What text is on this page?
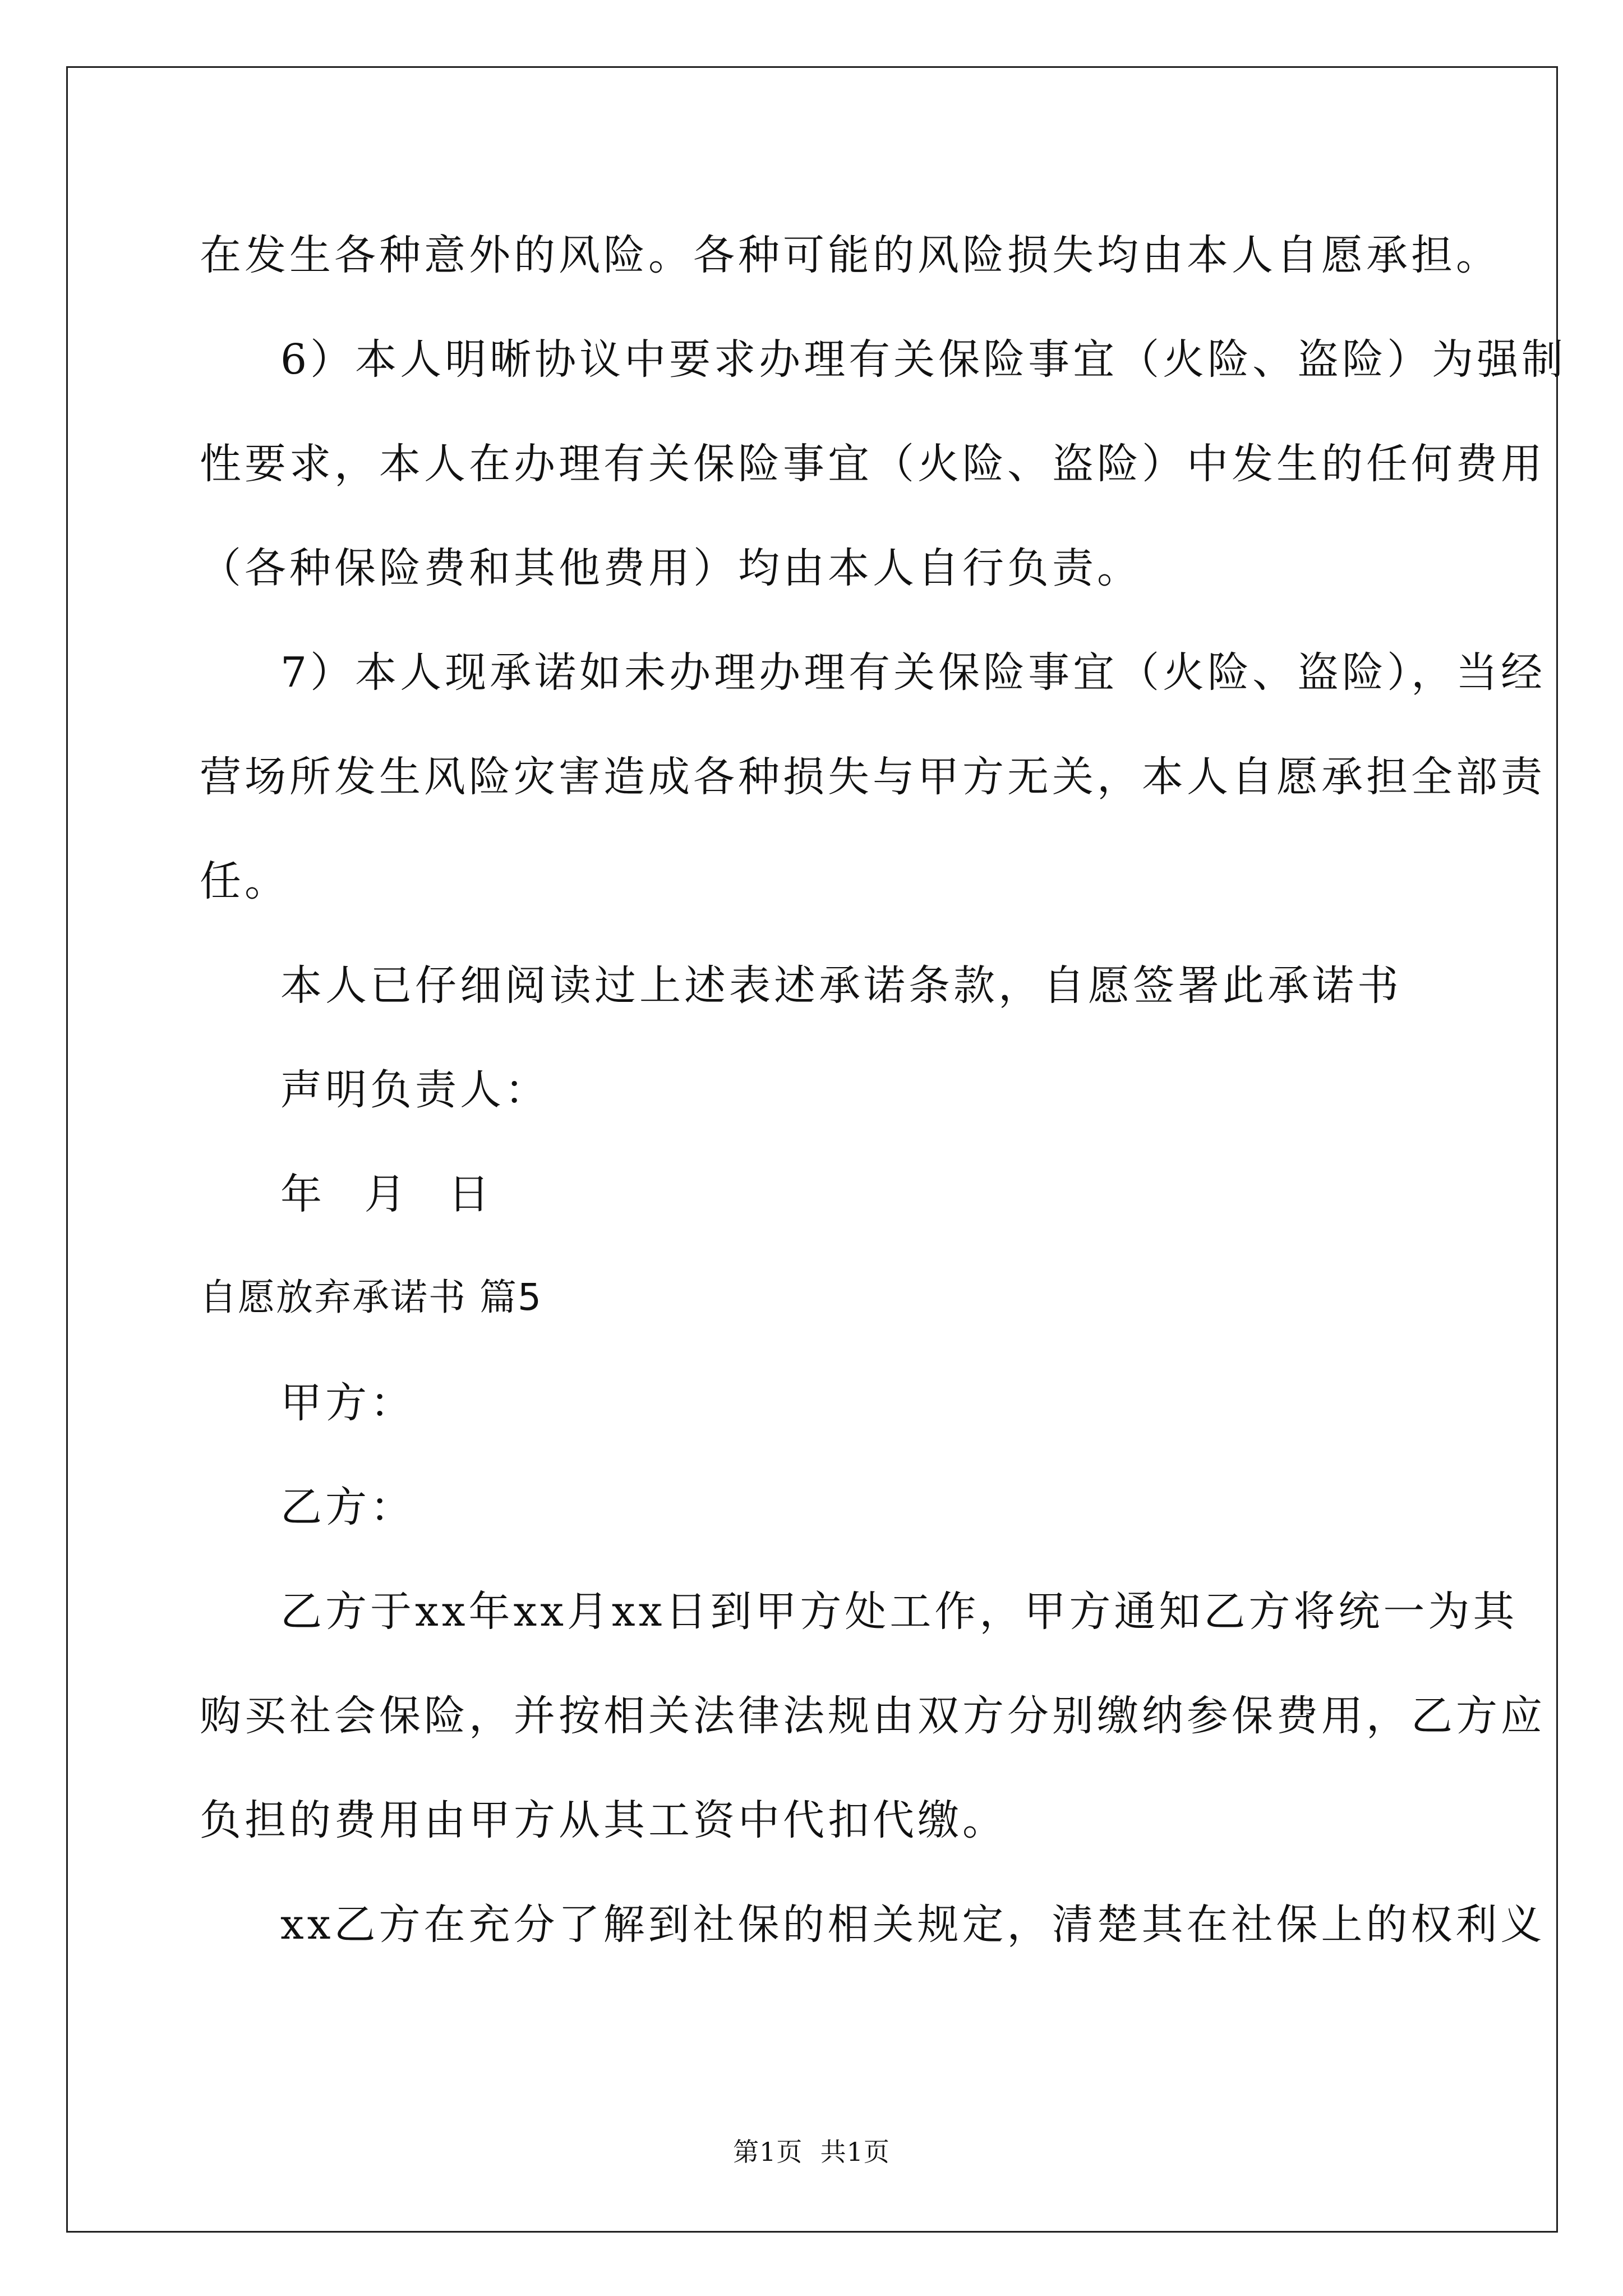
在发生各种意外的风险。各种可能的风险损失均由本人自愿承担。
6）本人明晰协议中要求办理有关保险事宜（火险、盗险）为强制
性要求，本人在办理有关保险事宜（火险、盗险）中发生的任何费用
（各种保险费和其他费用）均由本人自行负责。
7）本人现承诺如未办理办理有关保险事宜（火险、盗险），当经
营场所发生风险灾害造成各种损失与甲方无关，本人自愿承担全部责
任。
本人已仔细阅读过上述表述承诺条款，自愿签署此承诺书
声明负责人：
年 月 日
自愿放弃承诺书 篇5
甲方：
乙方：
乙方于xx年xx月xx日到甲方处工作，甲方通知乙方将统一为其
购买社会保险，并按相关法律法规由双方分别缴纳参保费用，乙方应
负担的费用由甲方从其工资中代扣代缴。
xx乙方在充分了解到社保的相关规定，清楚其在社保上的权利义
第1页  共1页
